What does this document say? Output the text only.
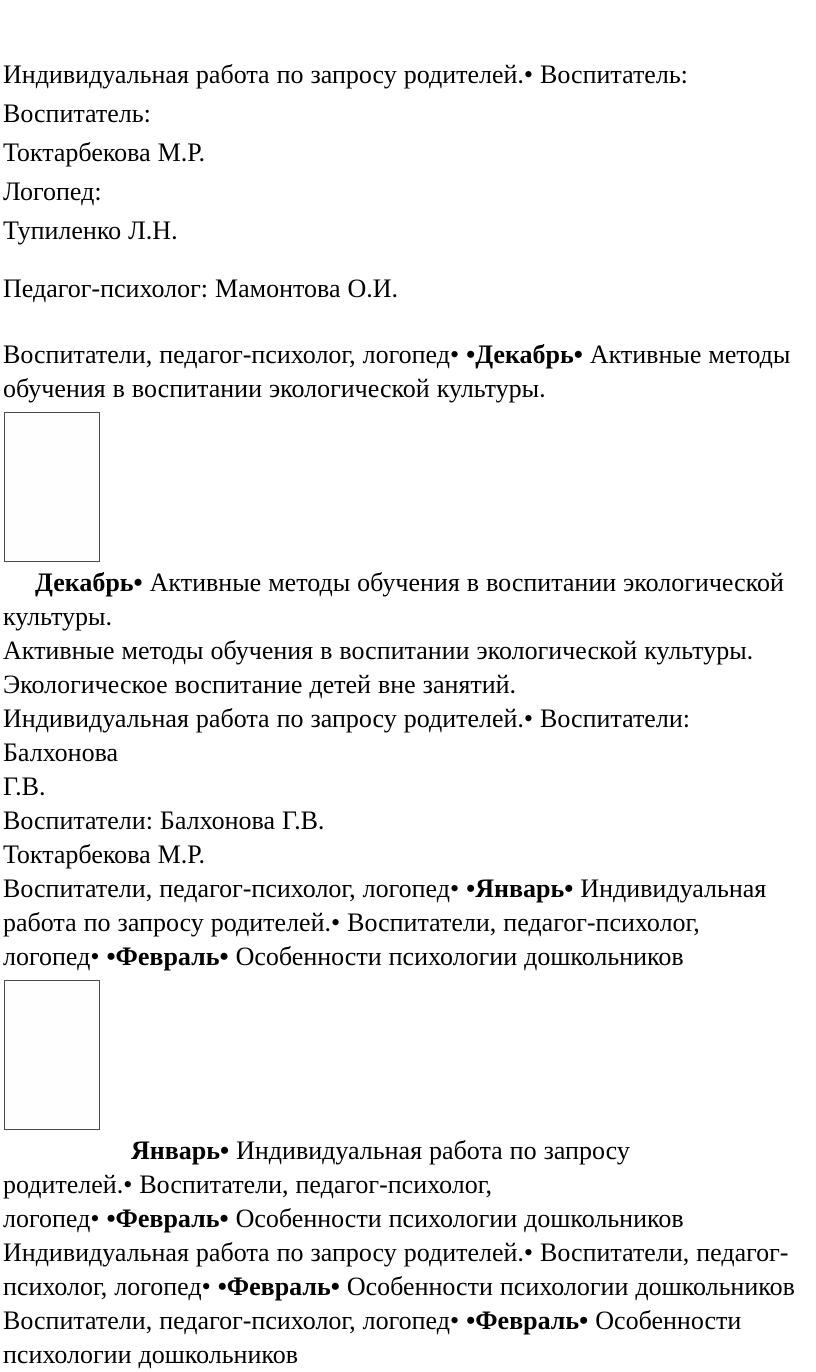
Индивидуальная работа по запросу родителей.• Воспитатель:

Воспитатель:

Токтарбекова М.Р.

Логопед:

Тупиленко Л.Н.

Педагог-психолог: Мамонтова О.И.

Воспитатели, педагог-психолог, логопед• •Декабрь• Активные методы
обучения в воспитании экологической культуры.

Декабрь• Активные методы обучения в воспитании экологической
культуры.

Активные методы обучения в воспитании экологической культуры.

Экологическое воспитание детей вне занятий.

Индивидуальная работа по запросу родителей.• Воспитатели: Балхонова
Г.В.

Воспитатели: Балхонова Г.В.

Токтарбекова М.Р.

Воспитатели, педагог-психолог, логопед• •Январь• Индивидуальная
работа по запросу родителей.• Воспитатели, педагог-психолог,
логопед• •Февраль• Особенности психологии дошкольников

Январь• Индивидуальная работа по запросу
родителей.• Воспитатели, педагог-психолог,
логопед• •Февраль• Особенности психологии дошкольников

Индивидуальная работа по запросу родителей.• Воспитатели, педагог-
психолог, логопед• •Февраль• Особенности психологии дошкольников

Воспитатели, педагог-психолог, логопед• •Февраль• Особенности
психологии дошкольников
